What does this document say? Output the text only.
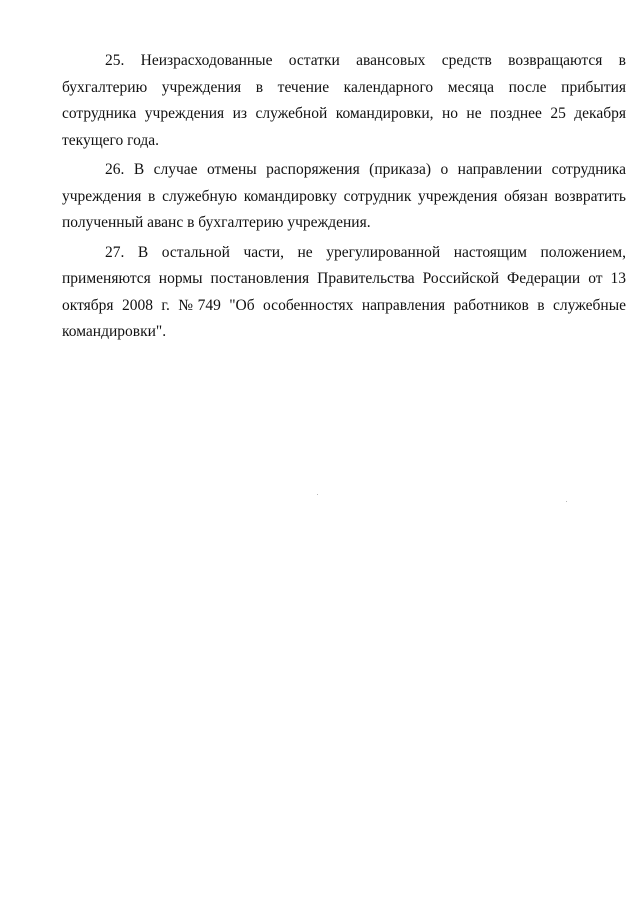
25. Неизрасходованные остатки авансовых средств возвращаются в бухгалтерию учреждения в течение календарного месяца после прибытия сотрудника учреждения из служебной командировки, но не позднее 25 декабря текущего года.

26. В случае отмены распоряжения (приказа) о направлении сотрудника учреждения в служебную командировку сотрудник учреждения обязан возвратить полученный аванс в бухгалтерию учреждения.

27. В остальной части, не урегулированной настоящим положением, применяются нормы постановления Правительства Российской Федерации от 13 октября 2008 г. №749 "Об особенностях направления работников в служебные командировки".
